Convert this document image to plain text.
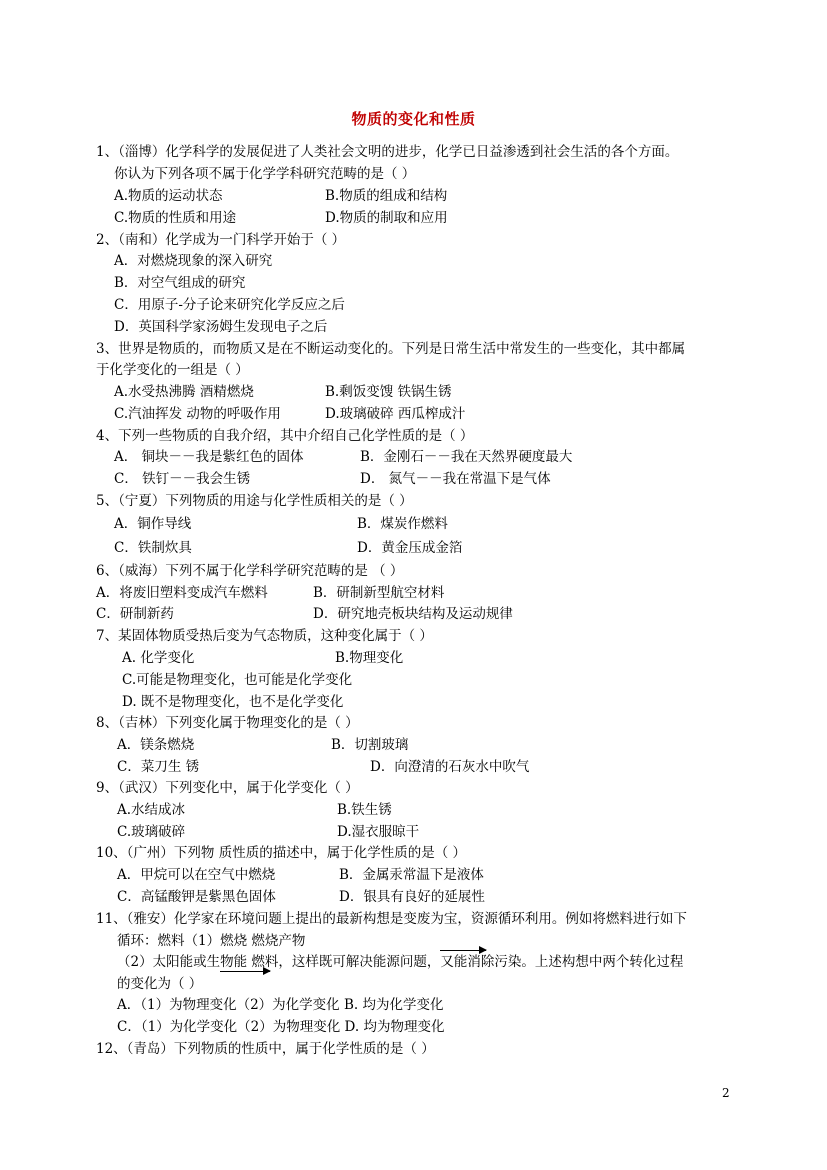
物质的变化和性质
1、（淄博）化学科学的发展促进了人类社会文明的进步，化学已日益渗透到社会生活的各个方面。
你认为下列各项不属于化学学科研究范畴的是（ ）
A.物质的运动状态	B.物质的组成和结构
C.物质的性质和用途	D.物质的制取和应用
2、（南和）化学成为一门科学开始于（ ）
A．对燃烧现象的深入研究
B．对空气组成的研究
C．用原子-分子论来研究化学反应之后
D．英国科学家汤姆生发现电子之后
3、世界是物质的，而物质又是在不断运动变化的。下列是日常生活中常发生的一些变化，其中都属
于化学变化的一组是（ ）
A.水受热沸腾 酒精燃烧	B.剩饭变馊 铁锅生锈
C.汽油挥发 动物的呼吸作用	D.玻璃破碎 西瓜榨成汁
4、下列一些物质的自我介绍，其中介绍自己化学性质的是（ ）
A． 铜块－－我是紫红色的固体	B．金刚石－－我在天然界硬度最大
C． 铁钉－－我会生锈	D． 氮气－－我在常温下是气体
5、（宁夏）下列物质的用途与化学性质相关的是（ ）
A．铜作导线	B．煤炭作燃料
C．铁制炊具	D．黄金压成金箔
6、（威海）下列不属于化学科学研究范畴的是 （ ）
A．将废旧塑料变成汽车燃料	B．研制新型航空材料
C．研制新药	D．研究地壳板块结构及运动规律
7、某固体物质受热后变为气态物质，这种变化属于（ ）
A. 化学变化	B.物理变化
C.可能是物理变化，也可能是化学变化
D. 既不是物理变化，也不是化学变化
8、（吉林）下列变化属于物理变化的是（ ）
A．镁条燃烧	B．切割玻璃
C．菜刀生 锈	D．向澄清的石灰水中吹气
9、（武汉）下列变化中，属于化学变化（ ）
A.水结成冰	B.铁生锈
C.玻璃破碎	D.湿衣服晾干
10、（广州）下列物 质性质的描述中，属于化学性质的是（ ）
A．甲烷可以在空气中燃烧	B．金属汞常温下是液体
C．高锰酸钾是紫黑色固体	D．银具有良好的延展性
11、（雅安）化学家在环境问题上提出的最新构想是变废为宝，资源循环利用。例如将燃料进行如下
循环：燃料（1）燃烧 燃烧产物
（2）太阳能或生物能 燃料，这样既可解决能源问题，又能消除污染。上述构想中两个转化过程
的变化为（ ）
A．（1）为物理变化（2）为化学变化 B. 均为化学变化
C．（1）为化学变化（2）为物理变化 D. 均为物理变化
12、（青岛）下列物质的性质中，属于化学性质的是（ ）
2
